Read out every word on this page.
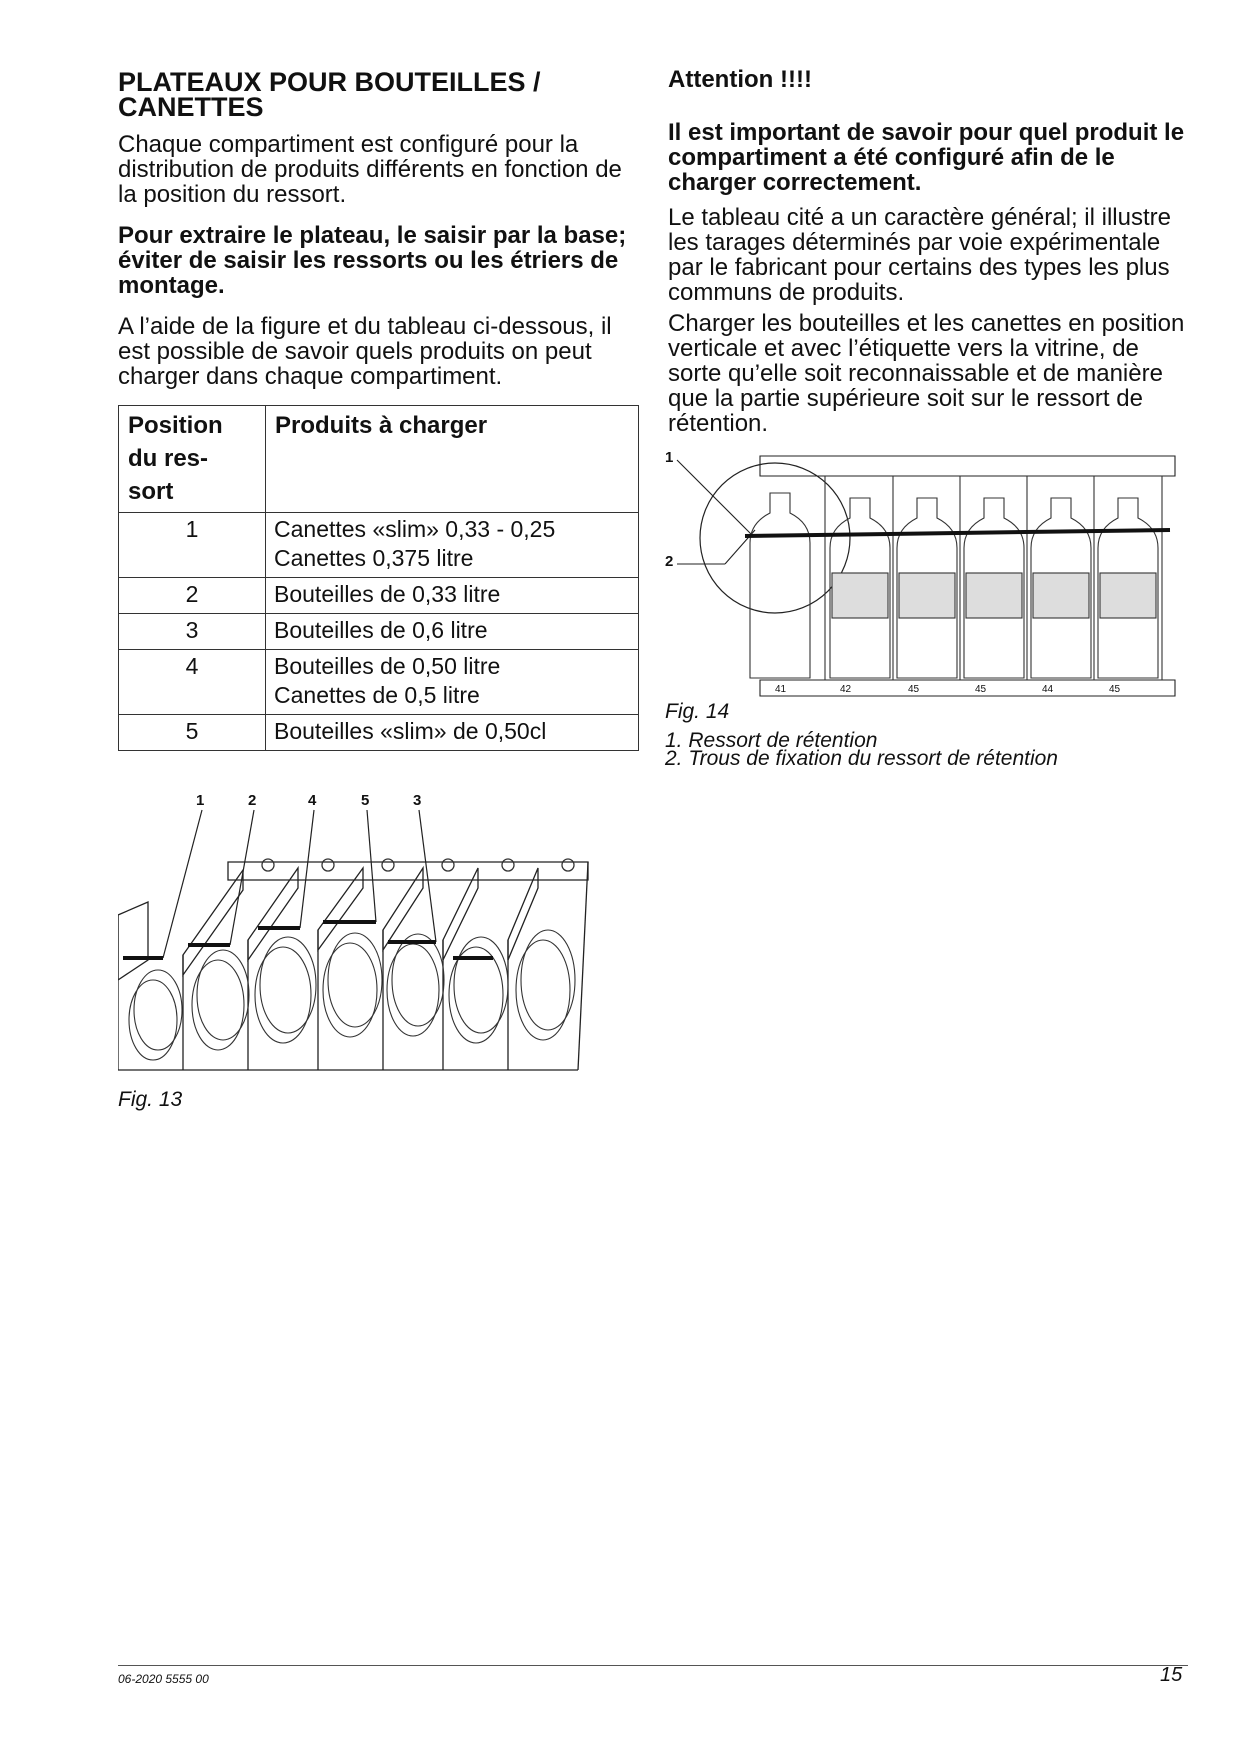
PLATEAUX POUR BOUTEILLES /
CANETTES

Chaque compartiment est configuré pour la distribution de produits différents en fonction de la position du ressort.

Pour extraire le plateau, le saisir par la base; éviter de saisir les ressorts ou les étriers de montage.

A l’aide de la figure et du tableau ci-dessous, il est possible de savoir quels produits on peut charger dans chaque compartiment.

Position
du res-
sort	Produits à charger
1	Canettes «slim» 0,33 - 0,25
Canettes 0,375 litre

2	Bouteilles de 0,33 litre
3	Bouteilles de 0,6 litre
4	Bouteilles de 0,50 litre
Canettes de 0,5 litre

5	Bouteilles «slim» de 0,50cl
1	2	4	5	3
Fig. 13
Attention !!!!

Il est important de savoir pour quel produit le compartiment a été configuré afin de le charger correctement.

Le tableau cité a un caractère général; il illustre les tarages déterminés par voie expérimentale par le fabricant pour certains des types les plus communs de produits.

Charger les bouteilles et les canettes en position verticale et avec l’étiquette vers la vitrine, de sorte qu’elle soit reconnaissable et de manière que la partie supérieure soit sur le ressort de rétention.

1
2
41	42	45	45	44	45
Fig. 14
1. Ressort de rétention
2. Trous de fixation du ressort de rétention
06-2020 5555 00	15
